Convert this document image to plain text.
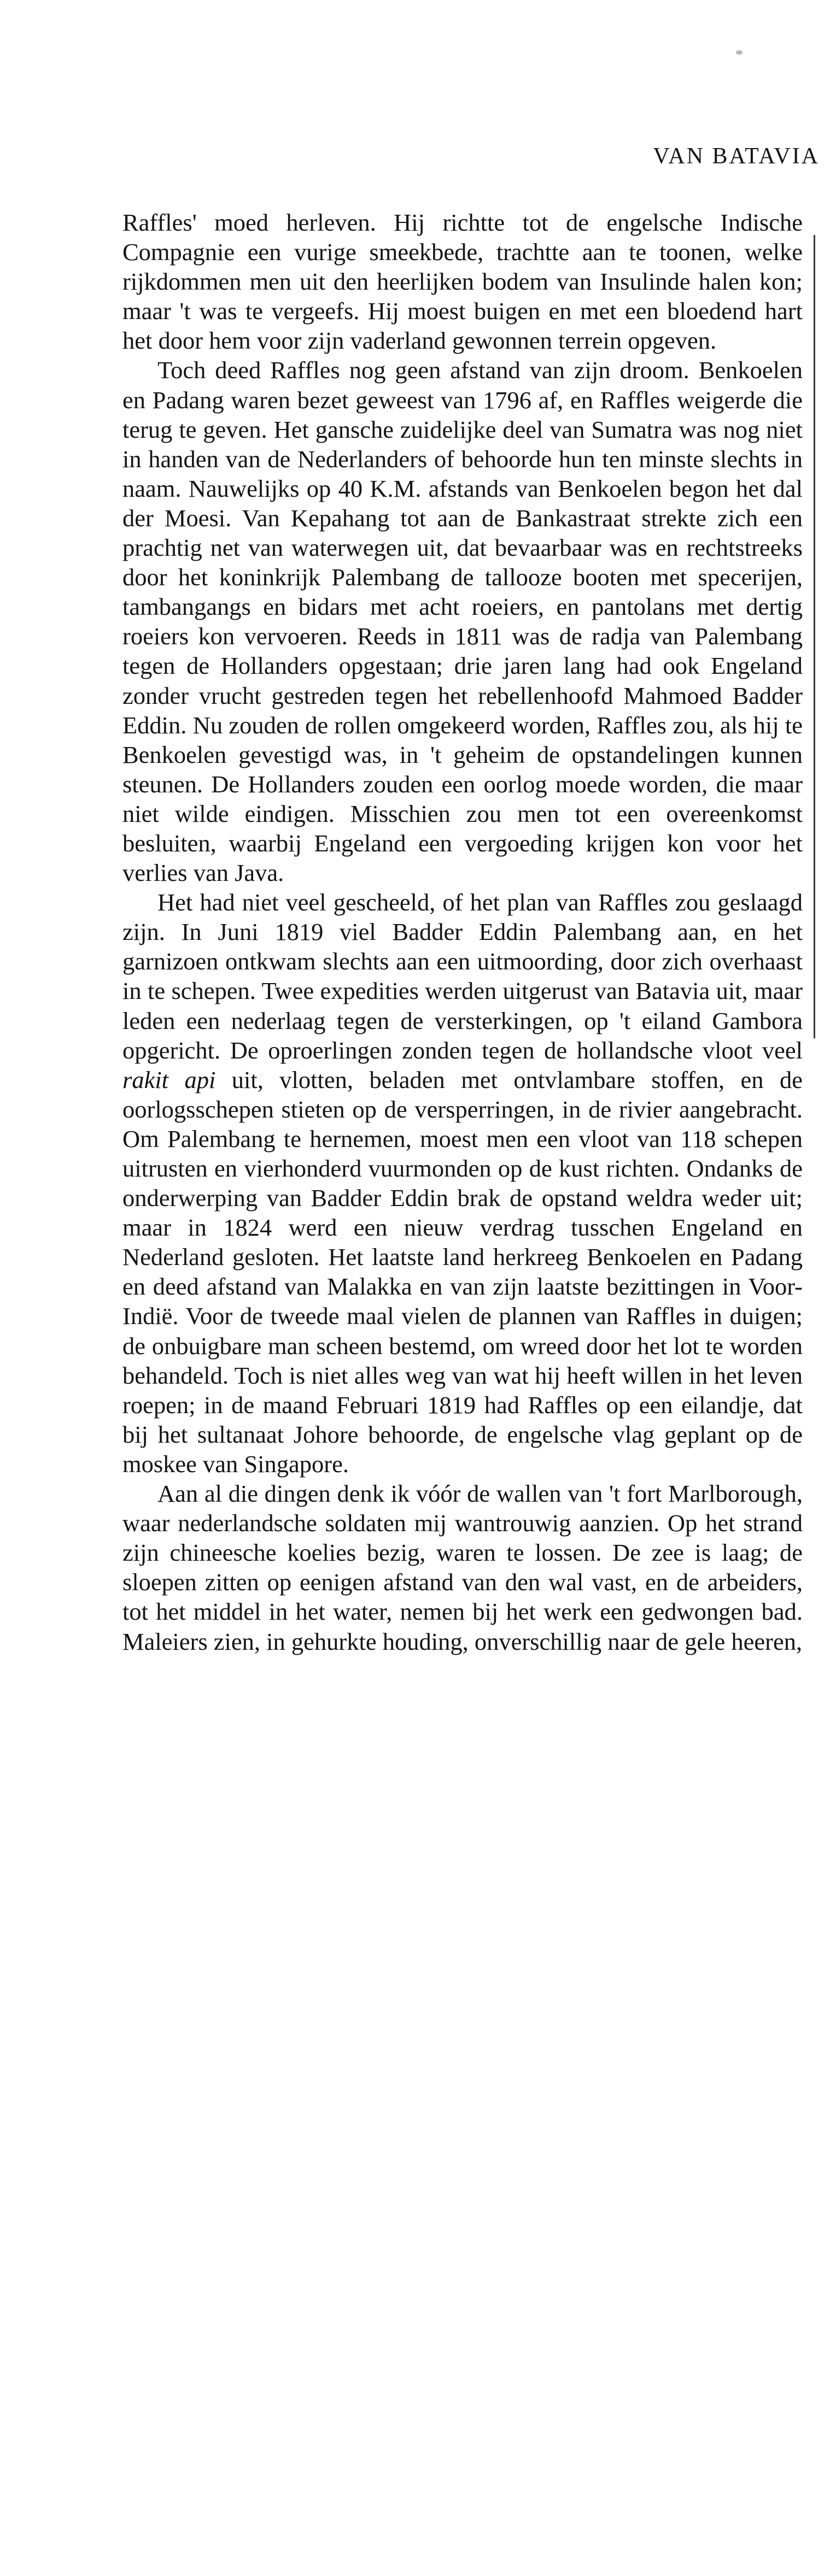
VAN BATAVIA

Raffles' moed herleven. Hij richtte tot de engelsche Indische Compagnie een vurige smeekbede, trachtte aan te toonen, welke rijkdommen men uit den heerlijken bodem van Insulinde halen kon; maar 't was te vergeefs. Hij moest buigen en met een bloedend hart het door hem voor zijn vaderland gewonnen terrein opgeven.

Toch deed Raffles nog geen afstand van zijn droom. Benkoelen en Padang waren bezet geweest van 1796 af, en Raffles weigerde die terug te geven. Het gansche zuidelijke deel van Sumatra was nog niet in handen van de Nederlanders of behoorde hun ten minste slechts in naam. Nauwelijks op 40 K.M. afstands van Benkoelen begon het dal der Moesi. Van Kepahang tot aan de Bankastraat strekte zich een prachtig net van waterwegen uit, dat bevaarbaar was en rechtstreeks door het koninkrijk Palembang de tallooze booten met specerijen, tambangangs en bidars met acht roeiers, en pantolans met dertig roeiers kon vervoeren. Reeds in 1811 was de radja van Palembang tegen de Hollanders opgestaan; drie jaren lang had ook Engeland zonder vrucht gestreden tegen het rebellenhoofd Mahmoed Badder Eddin. Nu zouden de rollen omgekeerd worden, Raffles zou, als hij te Benkoelen gevestigd was, in 't geheim de opstandelingen kunnen steunen. De Hollanders zouden een oorlog moede worden, die maar niet wilde eindigen. Misschien zou men tot een overeenkomst besluiten, waarbij Engeland een vergoeding krijgen kon voor het verlies van Java.

Het had niet veel gescheeld, of het plan van Raffles zou geslaagd zijn. In Juni 1819 viel Badder Eddin Palembang aan, en het garnizoen ontkwam slechts aan een uitmoording, door zich overhaast in te schepen. Twee expedities werden uitgerust van Batavia uit, maar leden een nederlaag tegen de versterkingen, op 't eiland Gambora opgericht. De oproerlingen zonden tegen de hollandsche vloot veel rakit api uit, vlotten, beladen met ontvlambare stoffen, en de oorlogsschepen stieten op de versperringen, in de rivier aangebracht. Om Palembang te hernemen, moest men een vloot van 118 schepen uitrusten en vierhonderd vuurmonden op de kust richten. Ondanks de onderwerping van Badder Eddin brak de opstand weldra weder uit; maar in 1824 werd een nieuw verdrag tusschen Engeland en Nederland gesloten. Het laatste land herkreeg Benkoelen en Padang en deed afstand van Malakka en van zijn laatste bezittingen in Voor-Indië. Voor de tweede maal vielen de plannen van Raffles in duigen; de onbuigbare man scheen bestemd, om wreed door het lot te worden behandeld. Toch is niet alles weg van wat hij heeft willen in het leven roepen; in de maand Februari 1819 had Raffles op een eilandje, dat bij het sultanaat Johore behoorde, de engelsche vlag geplant op de moskee van Singapore.

Aan al die dingen denk ik vóór de wallen van 't fort Marlborough, waar nederlandsche soldaten mij wantrouwig aanzien. Op het strand zijn chineesche koelies bezig, waren te lossen. De zee is laag; de sloepen zitten op eenigen afstand van den wal vast, en de arbeiders, tot het middel in het water, nemen bij het werk een gedwongen bad. Maleiers zien, in gehurkte houding, onverschillig naar de gele heeren,
